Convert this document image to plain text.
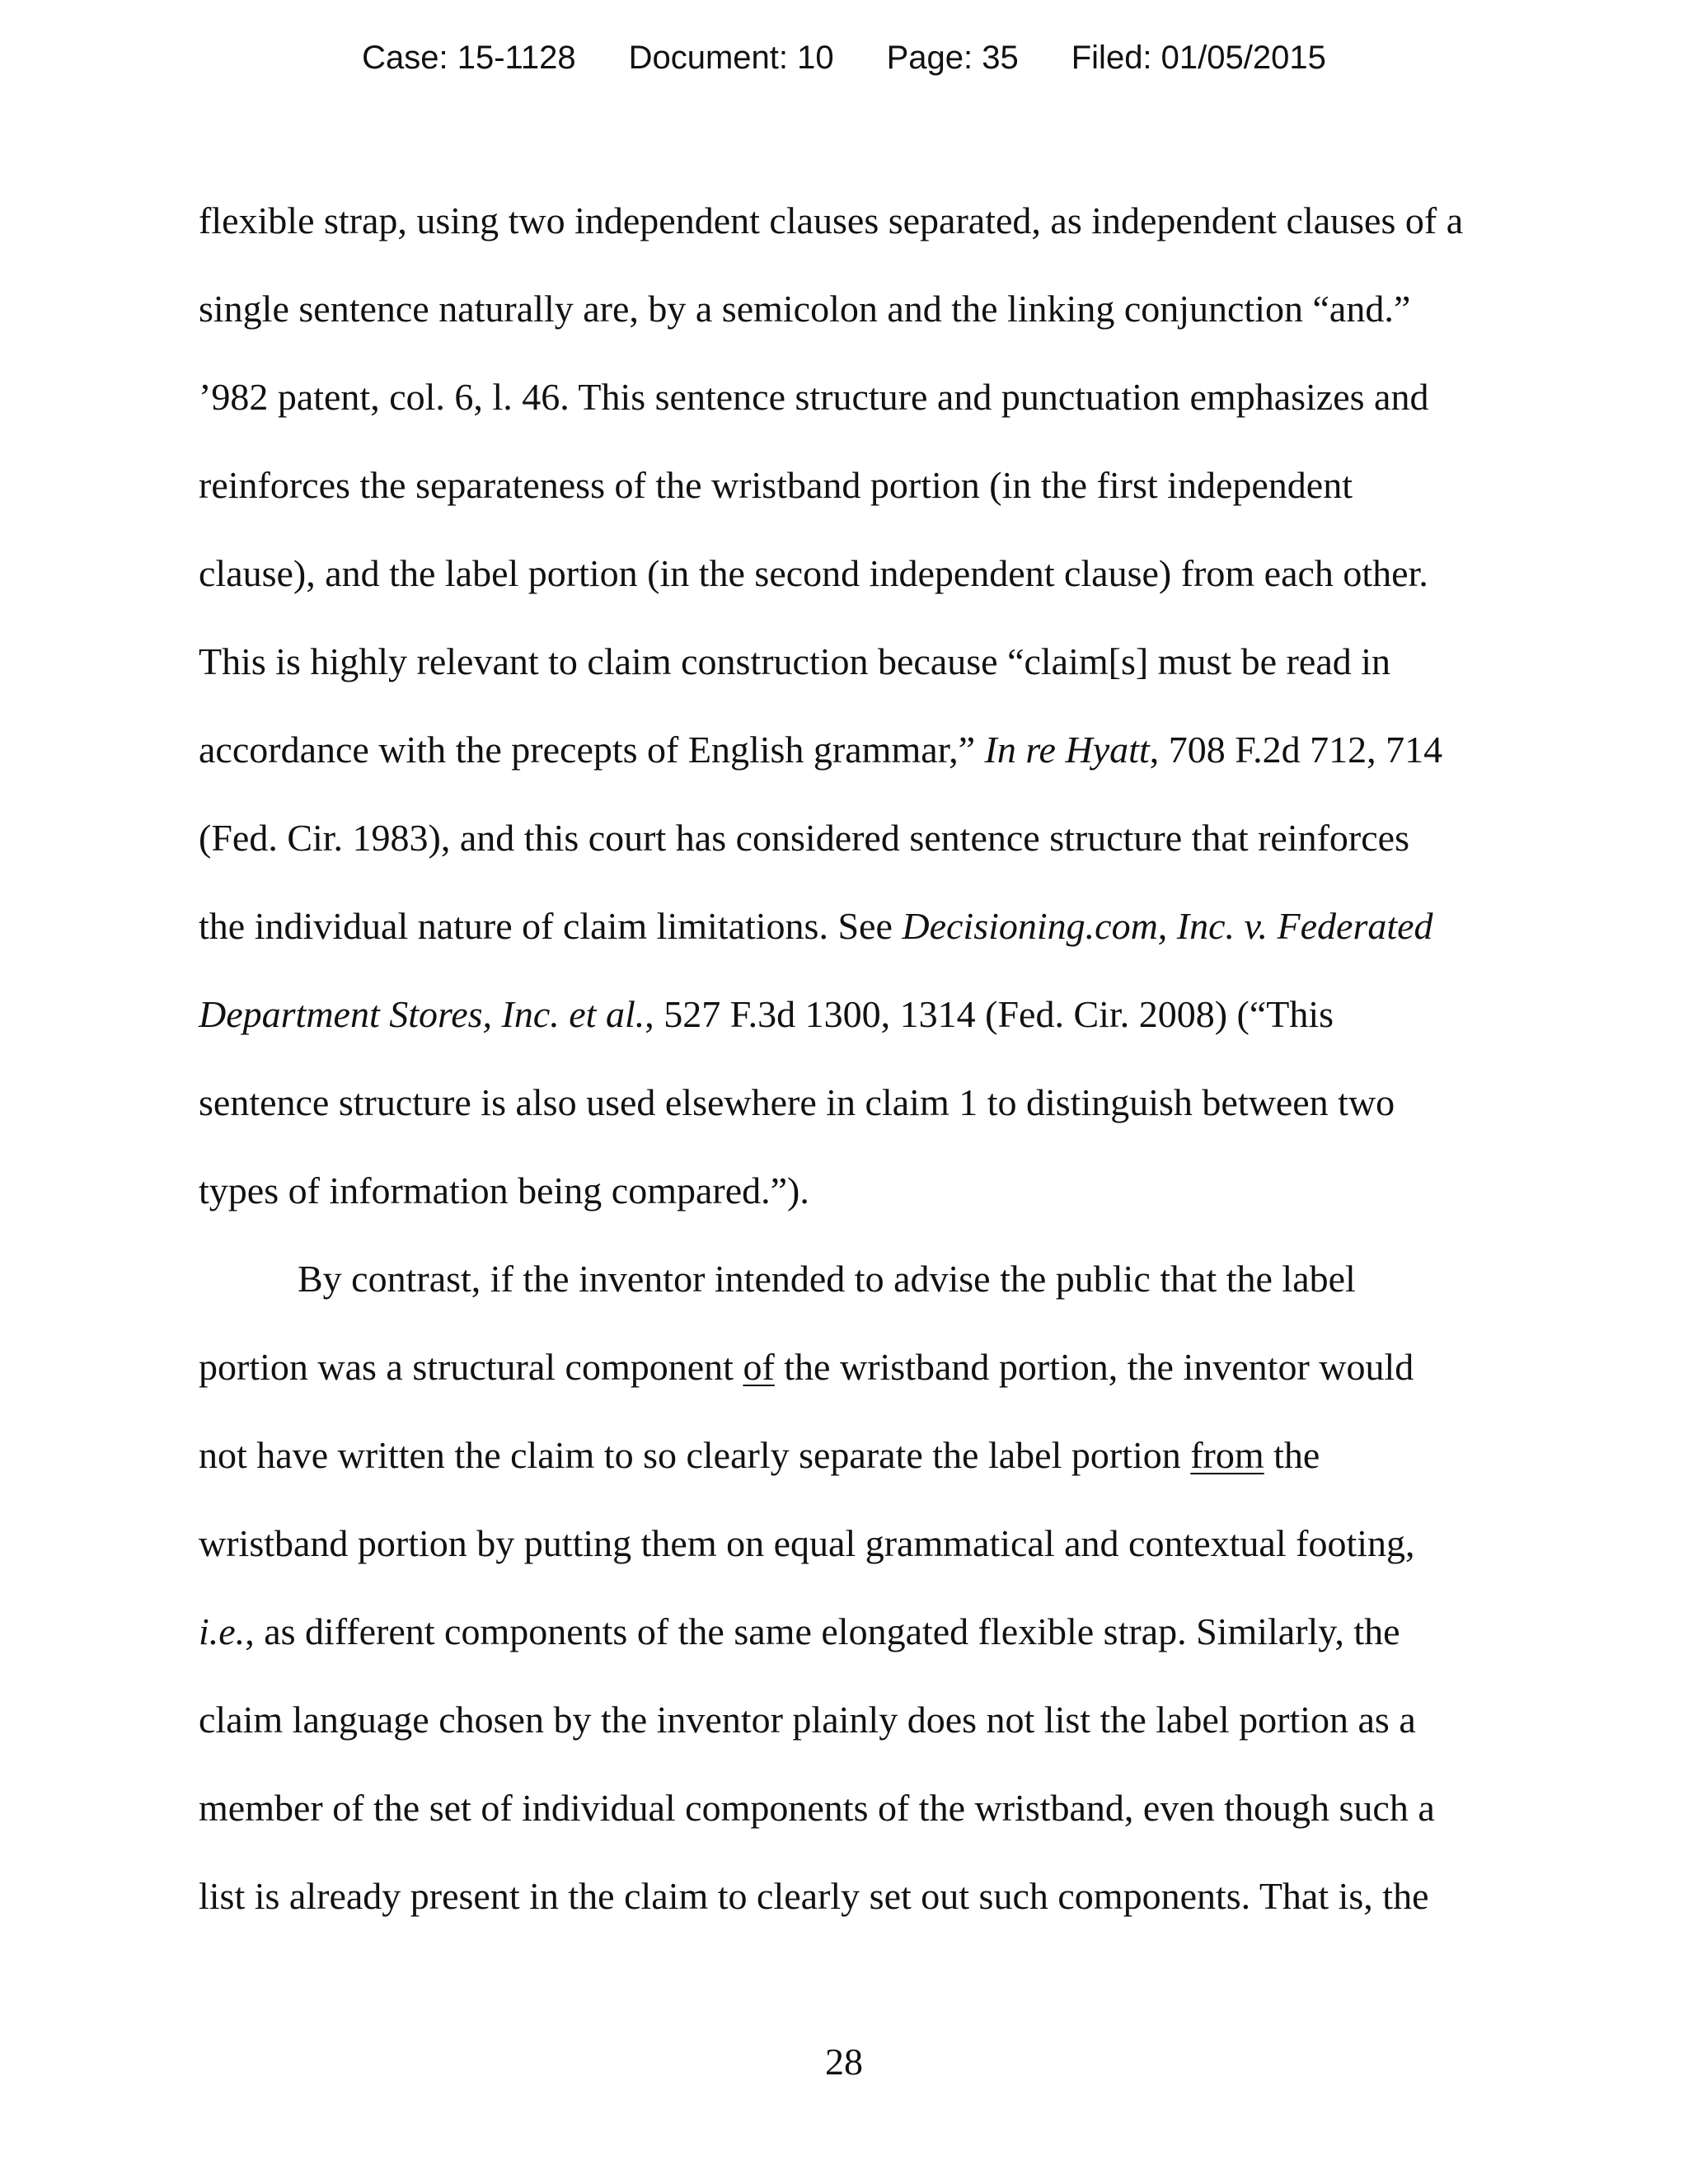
Case: 15-1128 Document: 10 Page: 35 Filed: 01/05/2015
flexible strap, using two independent clauses separated, as independent clauses of a
single sentence naturally are, by a semicolon and the linking conjunction “and.”
’982 patent, col. 6, l. 46. This sentence structure and punctuation emphasizes and
reinforces the separateness of the wristband portion (in the first independent
clause), and the label portion (in the second independent clause) from each other.
This is highly relevant to claim construction because “claim[s] must be read in
accordance with the precepts of English grammar,” In re Hyatt, 708 F.2d 712, 714
(Fed. Cir. 1983), and this court has considered sentence structure that reinforces
the individual nature of claim limitations. See Decisioning.com, Inc. v. Federated
Department Stores, Inc. et al., 527 F.3d 1300, 1314 (Fed. Cir. 2008) (“This
sentence structure is also used elsewhere in claim 1 to distinguish between two
types of information being compared.”).
By contrast, if the inventor intended to advise the public that the label
portion was a structural component of the wristband portion, the inventor would
not have written the claim to so clearly separate the label portion from the
wristband portion by putting them on equal grammatical and contextual footing,
i.e., as different components of the same elongated flexible strap. Similarly, the
claim language chosen by the inventor plainly does not list the label portion as a
member of the set of individual components of the wristband, even though such a
list is already present in the claim to clearly set out such components. That is, the
28
